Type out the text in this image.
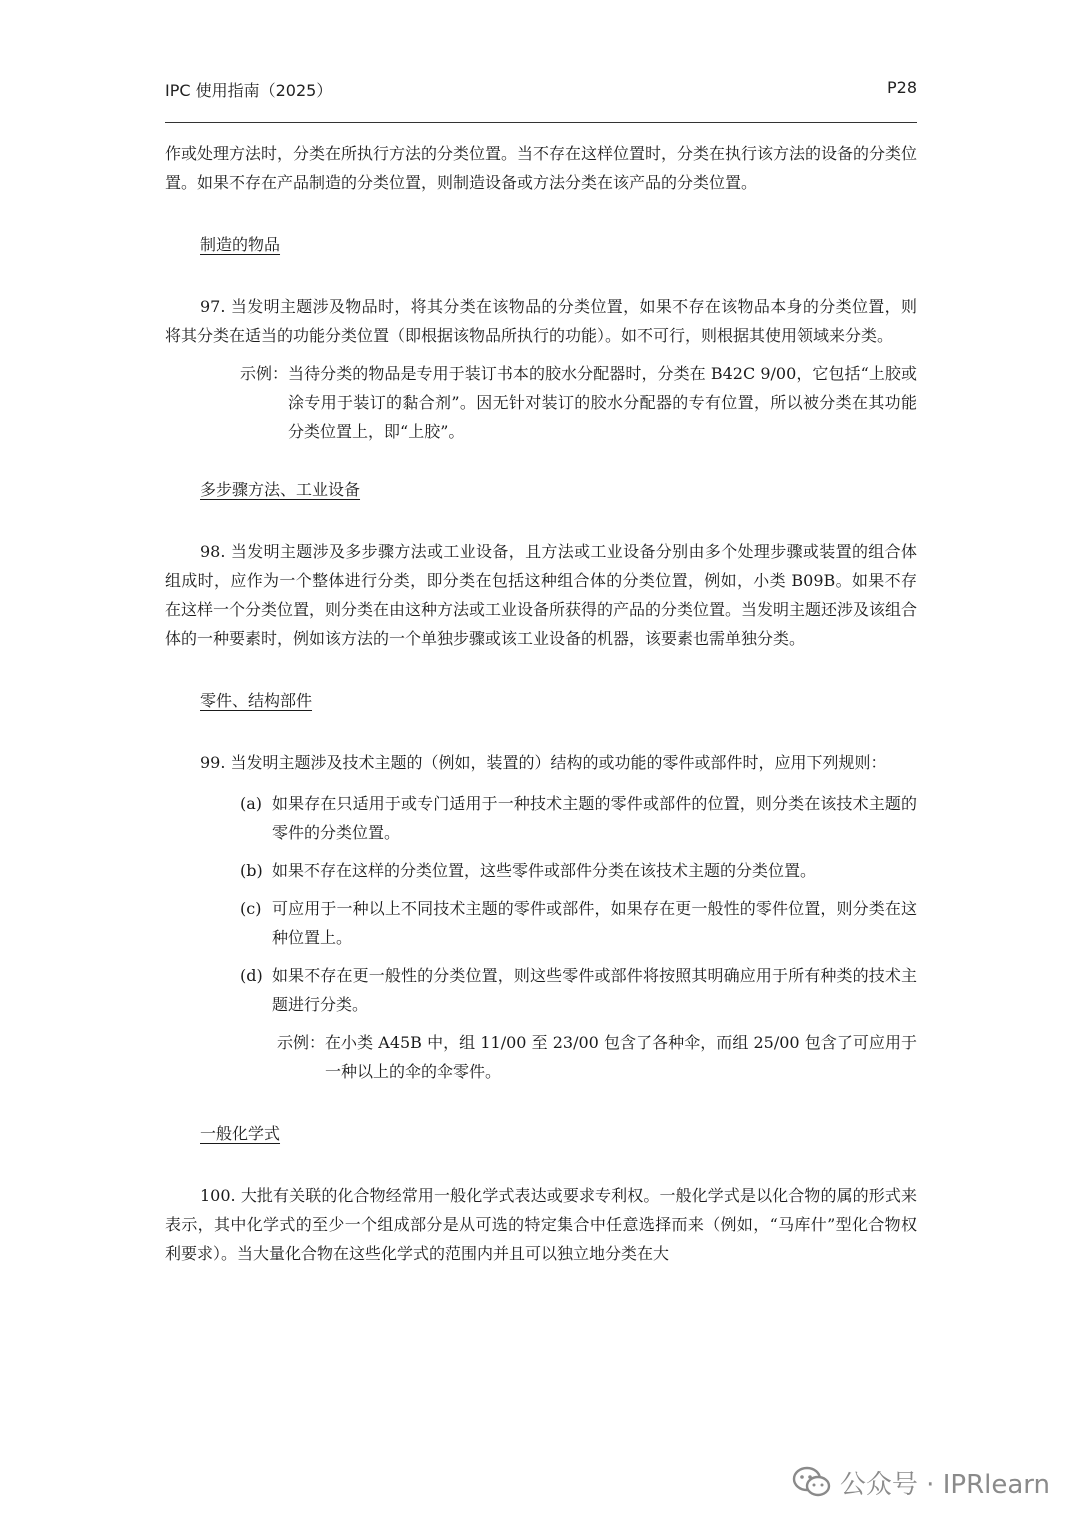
IPC 使用指南（2025）	P28

作或处理方法时，分类在所执行方法的分类位置。当不存在这样位置时，分类在执行该方法的设备的分类位置。如果不存在产品制造的分类位置，则制造设备或方法分类在该产品的分类位置。

制造的物品

97. 当发明主题涉及物品时，将其分类在该物品的分类位置，如果不存在该物品本身的分类位置，则将其分类在适当的功能分类位置（即根据该物品所执行的功能）。如不可行，则根据其使用领域来分类。

示例： 当待分类的物品是专用于装订书本的胶水分配器时，分类在 B42C 9/00，它包括“上胶或涂专用于装订的黏合剂”。因无针对装订的胶水分配器的专有位置，所以被分类在其功能分类位置上，即“上胶”。

多步骤方法、工业设备

98. 当发明主题涉及多步骤方法或工业设备，且方法或工业设备分别由多个处理步骤或装置的组合体组成时，应作为一个整体进行分类，即分类在包括这种组合体的分类位置，例如，小类 B09B。如果不存在这样一个分类位置，则分类在由这种方法或工业设备所获得的产品的分类位置。当发明主题还涉及该组合体的一种要素时，例如该方法的一个单独步骤或该工业设备的机器，该要素也需单独分类。

零件、结构部件

99. 当发明主题涉及技术主题的（例如，装置的）结构的或功能的零件或部件时，应用下列规则：

(a) 如果存在只适用于或专门适用于一种技术主题的零件或部件的位置，则分类在该技术主题的零件的分类位置。
(b) 如果不存在这样的分类位置，这些零件或部件分类在该技术主题的分类位置。
(c) 可应用于一种以上不同技术主题的零件或部件，如果存在更一般性的零件位置，则分类在这种位置上。
(d) 如果不存在更一般性的分类位置，则这些零件或部件将按照其明确应用于所有种类的技术主题进行分类。
示例： 在小类 A45B 中，组 11/00 至 23/00 包含了各种伞，而组 25/00 包含了可应用于一种以上的伞的伞零件。

一般化学式

100. 大批有关联的化合物经常用一般化学式表达或要求专利权。一般化学式是以化合物的属的形式来表示，其中化学式的至少一个组成部分是从可选的特定集合中任意选择而来（例如，“马库什”型化合物权利要求）。当大量化合物在这些化学式的范围内并且可以独立地分类在大

公众号 · IPRlearn
